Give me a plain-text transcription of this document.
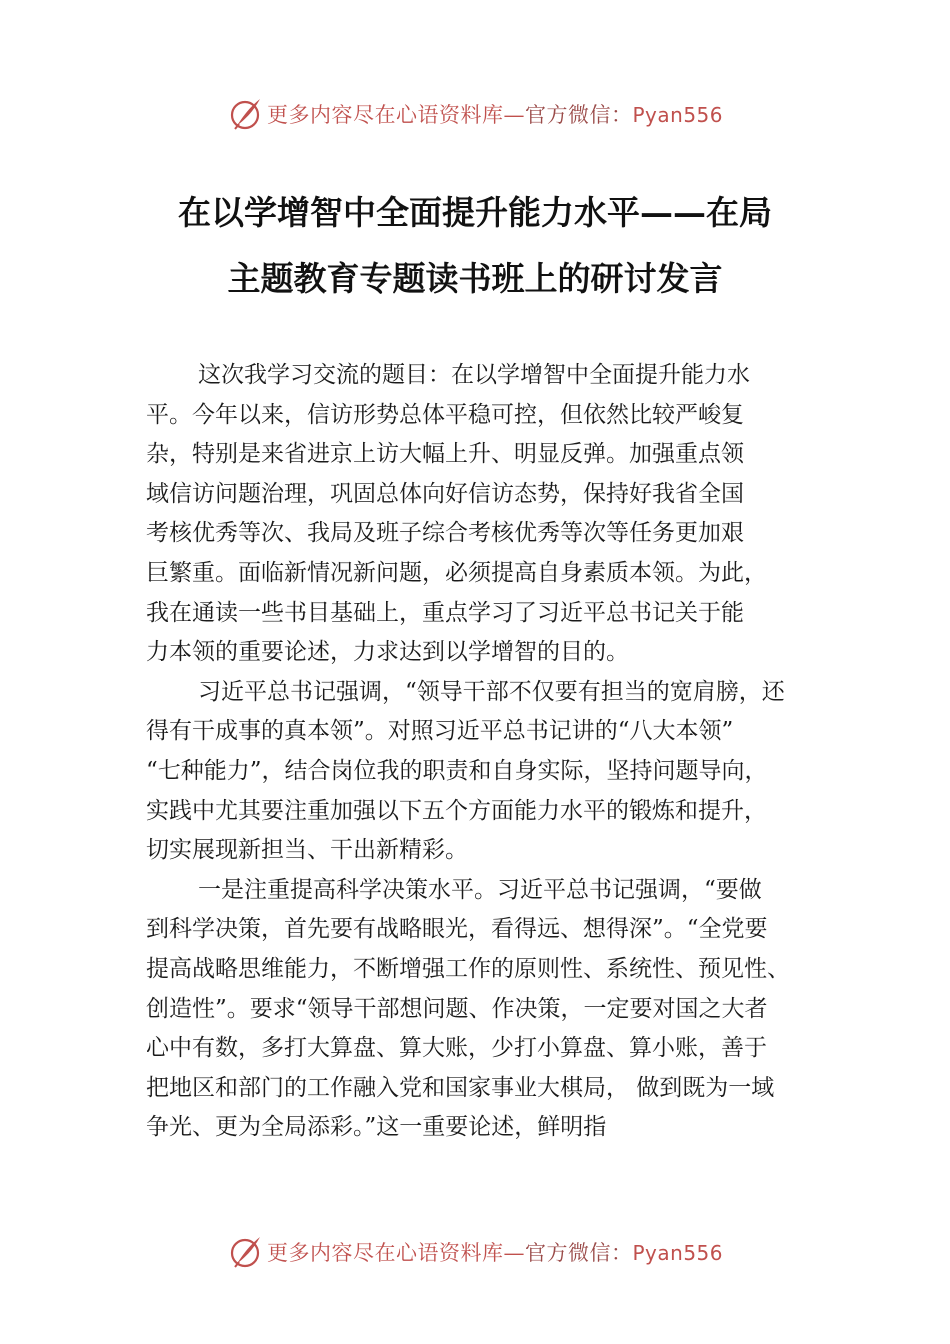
更多内容尽在心语资料库—官方微信：Pyan556
在以学增智中全面提升能力水平——在局
主题教育专题读书班上的研讨发言
这次我学习交流的题目：在以学增智中全面提升能力水
平。今年以来，信访形势总体平稳可控，但依然比较严峻复
杂，特别是来省进京上访大幅上升、明显反弹。加强重点领
域信访问题治理，巩固总体向好信访态势，保持好我省全国
考核优秀等次、我局及班子综合考核优秀等次等任务更加艰
巨繁重。面临新情况新问题，必须提高自身素质本领。为此，
我在通读一些书目基础上，重点学习了习近平总书记关于能
力本领的重要论述，力求达到以学增智的目的。
习近平总书记强调，“领导干部不仅要有担当的宽肩膀，还
得有干成事的真本领”。对照习近平总书记讲的“八大本领”
“七种能力”，结合岗位我的职责和自身实际，坚持问题导向，
实践中尤其要注重加强以下五个方面能力水平的锻炼和提升，
切实展现新担当、干出新精彩。
一是注重提高科学决策水平。习近平总书记强调，“要做
到科学决策，首先要有战略眼光，看得远、想得深”。“全党要
提高战略思维能力，不断增强工作的原则性、系统性、预见性、
创造性”。要求“领导干部想问题、作决策，一定要对国之大者
心中有数，多打大算盘、算大账，少打小算盘、算小账，善于
把地区和部门的工作融入党和国家事业大棋局， 做到既为一域
争光、更为全局添彩。”这一重要论述，鲜明指
更多内容尽在心语资料库—官方微信：Pyan556
